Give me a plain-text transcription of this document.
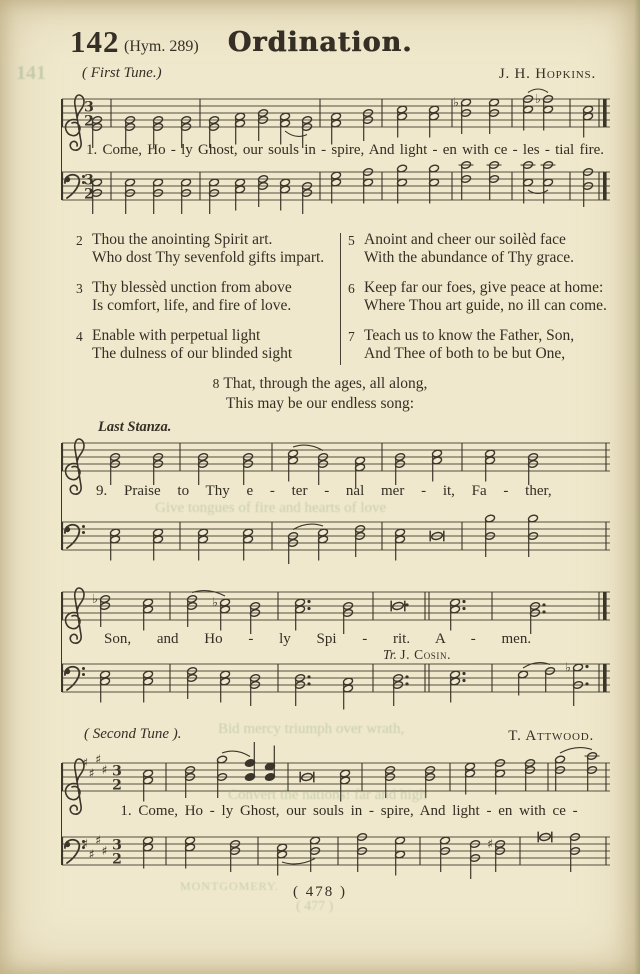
142 (Hym. 289)	Ordination.
( First Tune.)	J. H. Hopkins.
3
2
♭	♭
1. Come, Ho - ly Ghost, our souls in - spire, And light - en with ce - les - tial fire.
3
2
2 Thou the anointing Spirit art.
Who dost Thy sevenfold gifts impart.
3 Thy blessèd unction from above
Is comfort, life, and fire of love.
4 Enable with perpetual light
The dulness of our blinded sight
5 Anoint and cheer our soilèd face
With the abundance of Thy grace.
6 Keep far our foes, give peace at home:
Where Thou art guide, no ill can come.
7 Teach us to know the Father, Son,
And Thee of both to be but One,
8 That, through the ages, all along,
This may be our endless song:
Last Stanza.
9. Praise to Thy e - ter - nal mer - it, Fa - ther,
♭	♭
Son, and Ho - ly Spi - rit. A - men.
Tr. J. Cosin.
♭
( Second Tune ).	T. Attwood.
♯
♯
♯
♯ 3
2
1. Come, Ho - ly Ghost, our souls in - spire, And light - en with ce -
♯
♯
♯
♯ 3
2
♯
( 478 )
Give tongues of fire and hearts of love
Bid mercy triumph over wrath,
Convert the nations! far and high
MONTGOMERY.
( 477 )
141
